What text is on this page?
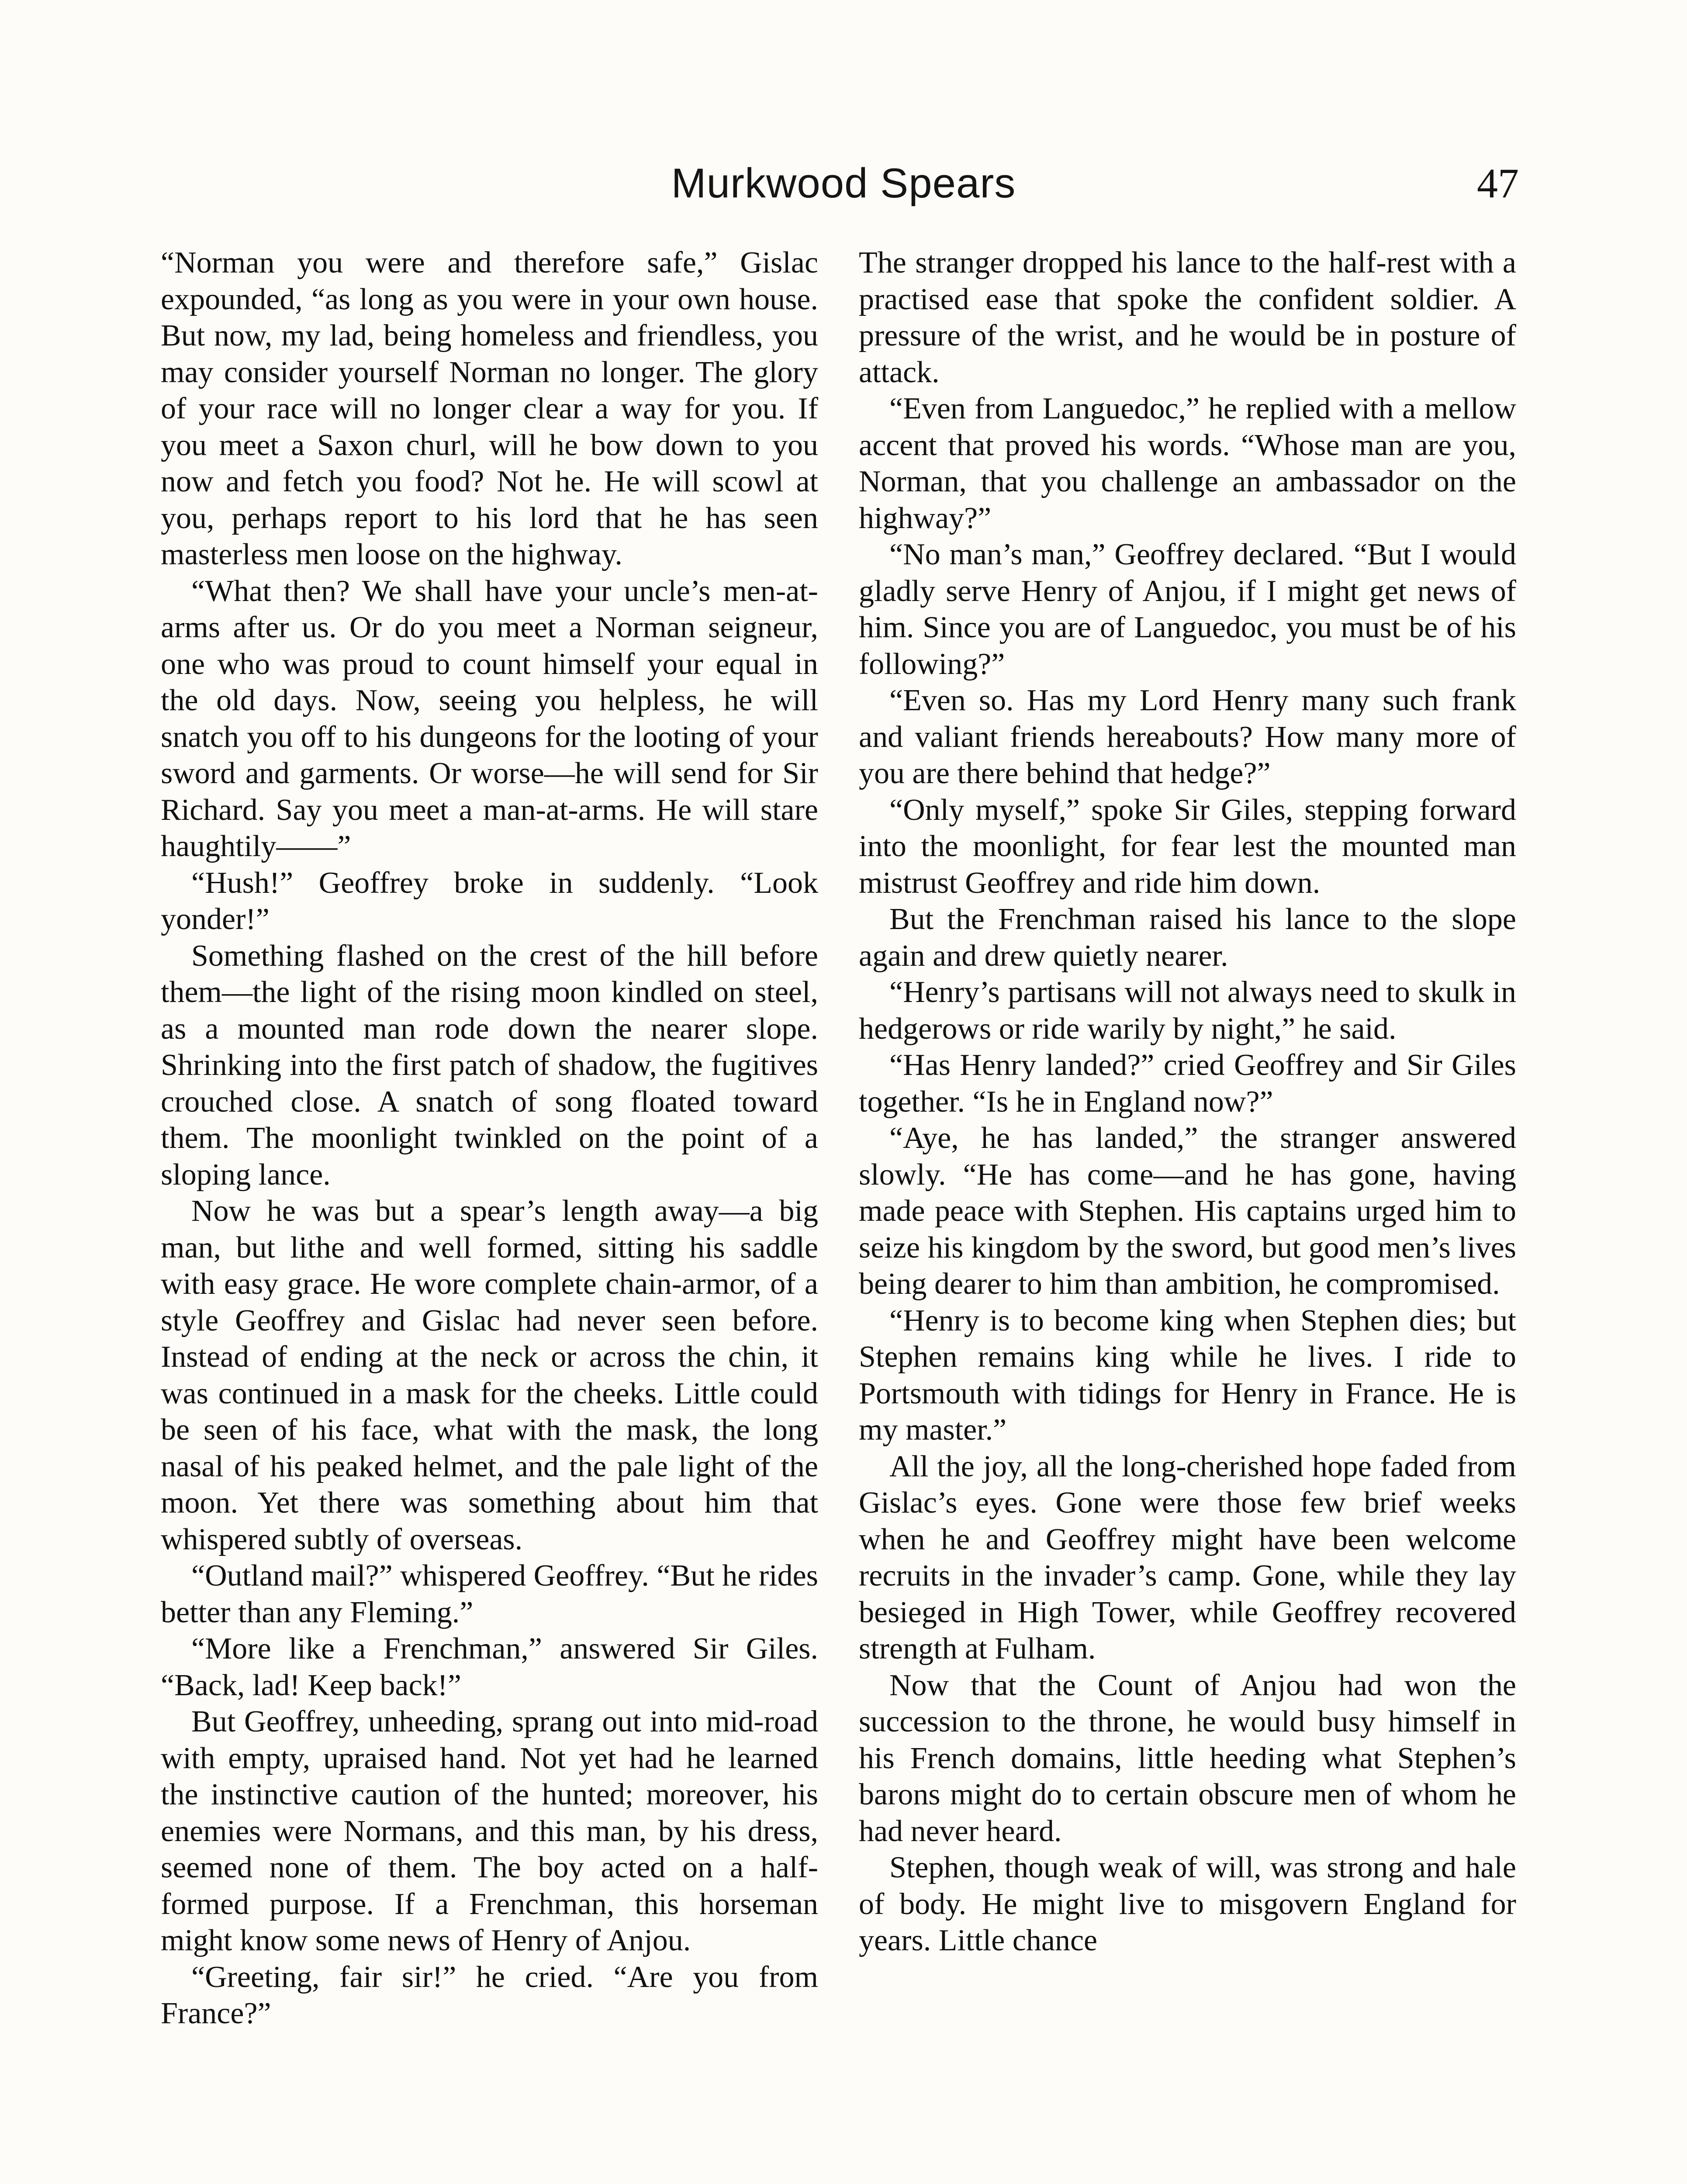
Murkwood Spears	47

“Norman you were and therefore safe,” Gislac expounded, “as long as you were in your own house. But now, my lad, being homeless and friendless, you may consider yourself Norman no longer. The glory of your race will no longer clear a way for you. If you meet a Saxon churl, will he bow down to you now and fetch you food? Not he. He will scowl at you, perhaps report to his lord that he has seen masterless men loose on the highway.

“What then? We shall have your uncle’s men-at-arms after us. Or do you meet a Norman seigneur, one who was proud to count himself your equal in the old days. Now, seeing you helpless, he will snatch you off to his dungeons for the looting of your sword and garments. Or worse—he will send for Sir Richard. Say you meet a man-at-arms. He will stare haughtily——”

“Hush!” Geoffrey broke in suddenly. “Look yonder!”

Something flashed on the crest of the hill before them—the light of the rising moon kindled on steel, as a mounted man rode down the nearer slope. Shrinking into the first patch of shadow, the fugitives crouched close. A snatch of song floated toward them. The moonlight twinkled on the point of a sloping lance.

Now he was but a spear’s length away—a big man, but lithe and well formed, sitting his saddle with easy grace. He wore complete chain-armor, of a style Geoffrey and Gislac had never seen before. Instead of ending at the neck or across the chin, it was continued in a mask for the cheeks. Little could be seen of his face, what with the mask, the long nasal of his peaked helmet, and the pale light of the moon. Yet there was something about him that whispered subtly of overseas.

“Outland mail?” whispered Geoffrey. “But he rides better than any Fleming.”

“More like a Frenchman,” answered Sir Giles. “Back, lad! Keep back!”

But Geoffrey, unheeding, sprang out into mid-road with empty, upraised hand. Not yet had he learned the instinctive caution of the hunted; moreover, his enemies were Normans, and this man, by his dress, seemed none of them. The boy acted on a half-formed purpose. If a Frenchman, this horseman might know some news of Henry of Anjou.

“Greeting, fair sir!” he cried. “Are you from France?”

The stranger dropped his lance to the half-rest with a practised ease that spoke the confident soldier. A pressure of the wrist, and he would be in posture of attack.

“Even from Languedoc,” he replied with a mellow accent that proved his words. “Whose man are you, Norman, that you challenge an ambassador on the highway?”

“No man’s man,” Geoffrey declared. “But I would gladly serve Henry of Anjou, if I might get news of him. Since you are of Languedoc, you must be of his following?”

“Even so. Has my Lord Henry many such frank and valiant friends hereabouts? How many more of you are there behind that hedge?”

“Only myself,” spoke Sir Giles, stepping forward into the moonlight, for fear lest the mounted man mistrust Geoffrey and ride him down.

But the Frenchman raised his lance to the slope again and drew quietly nearer.

“Henry’s partisans will not always need to skulk in hedgerows or ride warily by night,” he said.

“Has Henry landed?” cried Geoffrey and Sir Giles together. “Is he in England now?”

“Aye, he has landed,” the stranger answered slowly. “He has come—and he has gone, having made peace with Stephen. His captains urged him to seize his kingdom by the sword, but good men’s lives being dearer to him than ambition, he compromised.

“Henry is to become king when Stephen dies; but Stephen remains king while he lives. I ride to Portsmouth with tidings for Henry in France. He is my master.”

All the joy, all the long-cherished hope faded from Gislac’s eyes. Gone were those few brief weeks when he and Geoffrey might have been welcome recruits in the invader’s camp. Gone, while they lay besieged in High Tower, while Geoffrey recovered strength at Fulham.

Now that the Count of Anjou had won the succession to the throne, he would busy himself in his French domains, little heeding what Stephen’s barons might do to certain obscure men of whom he had never heard.

Stephen, though weak of will, was strong and hale of body. He might live to misgovern England for years. Little chance
